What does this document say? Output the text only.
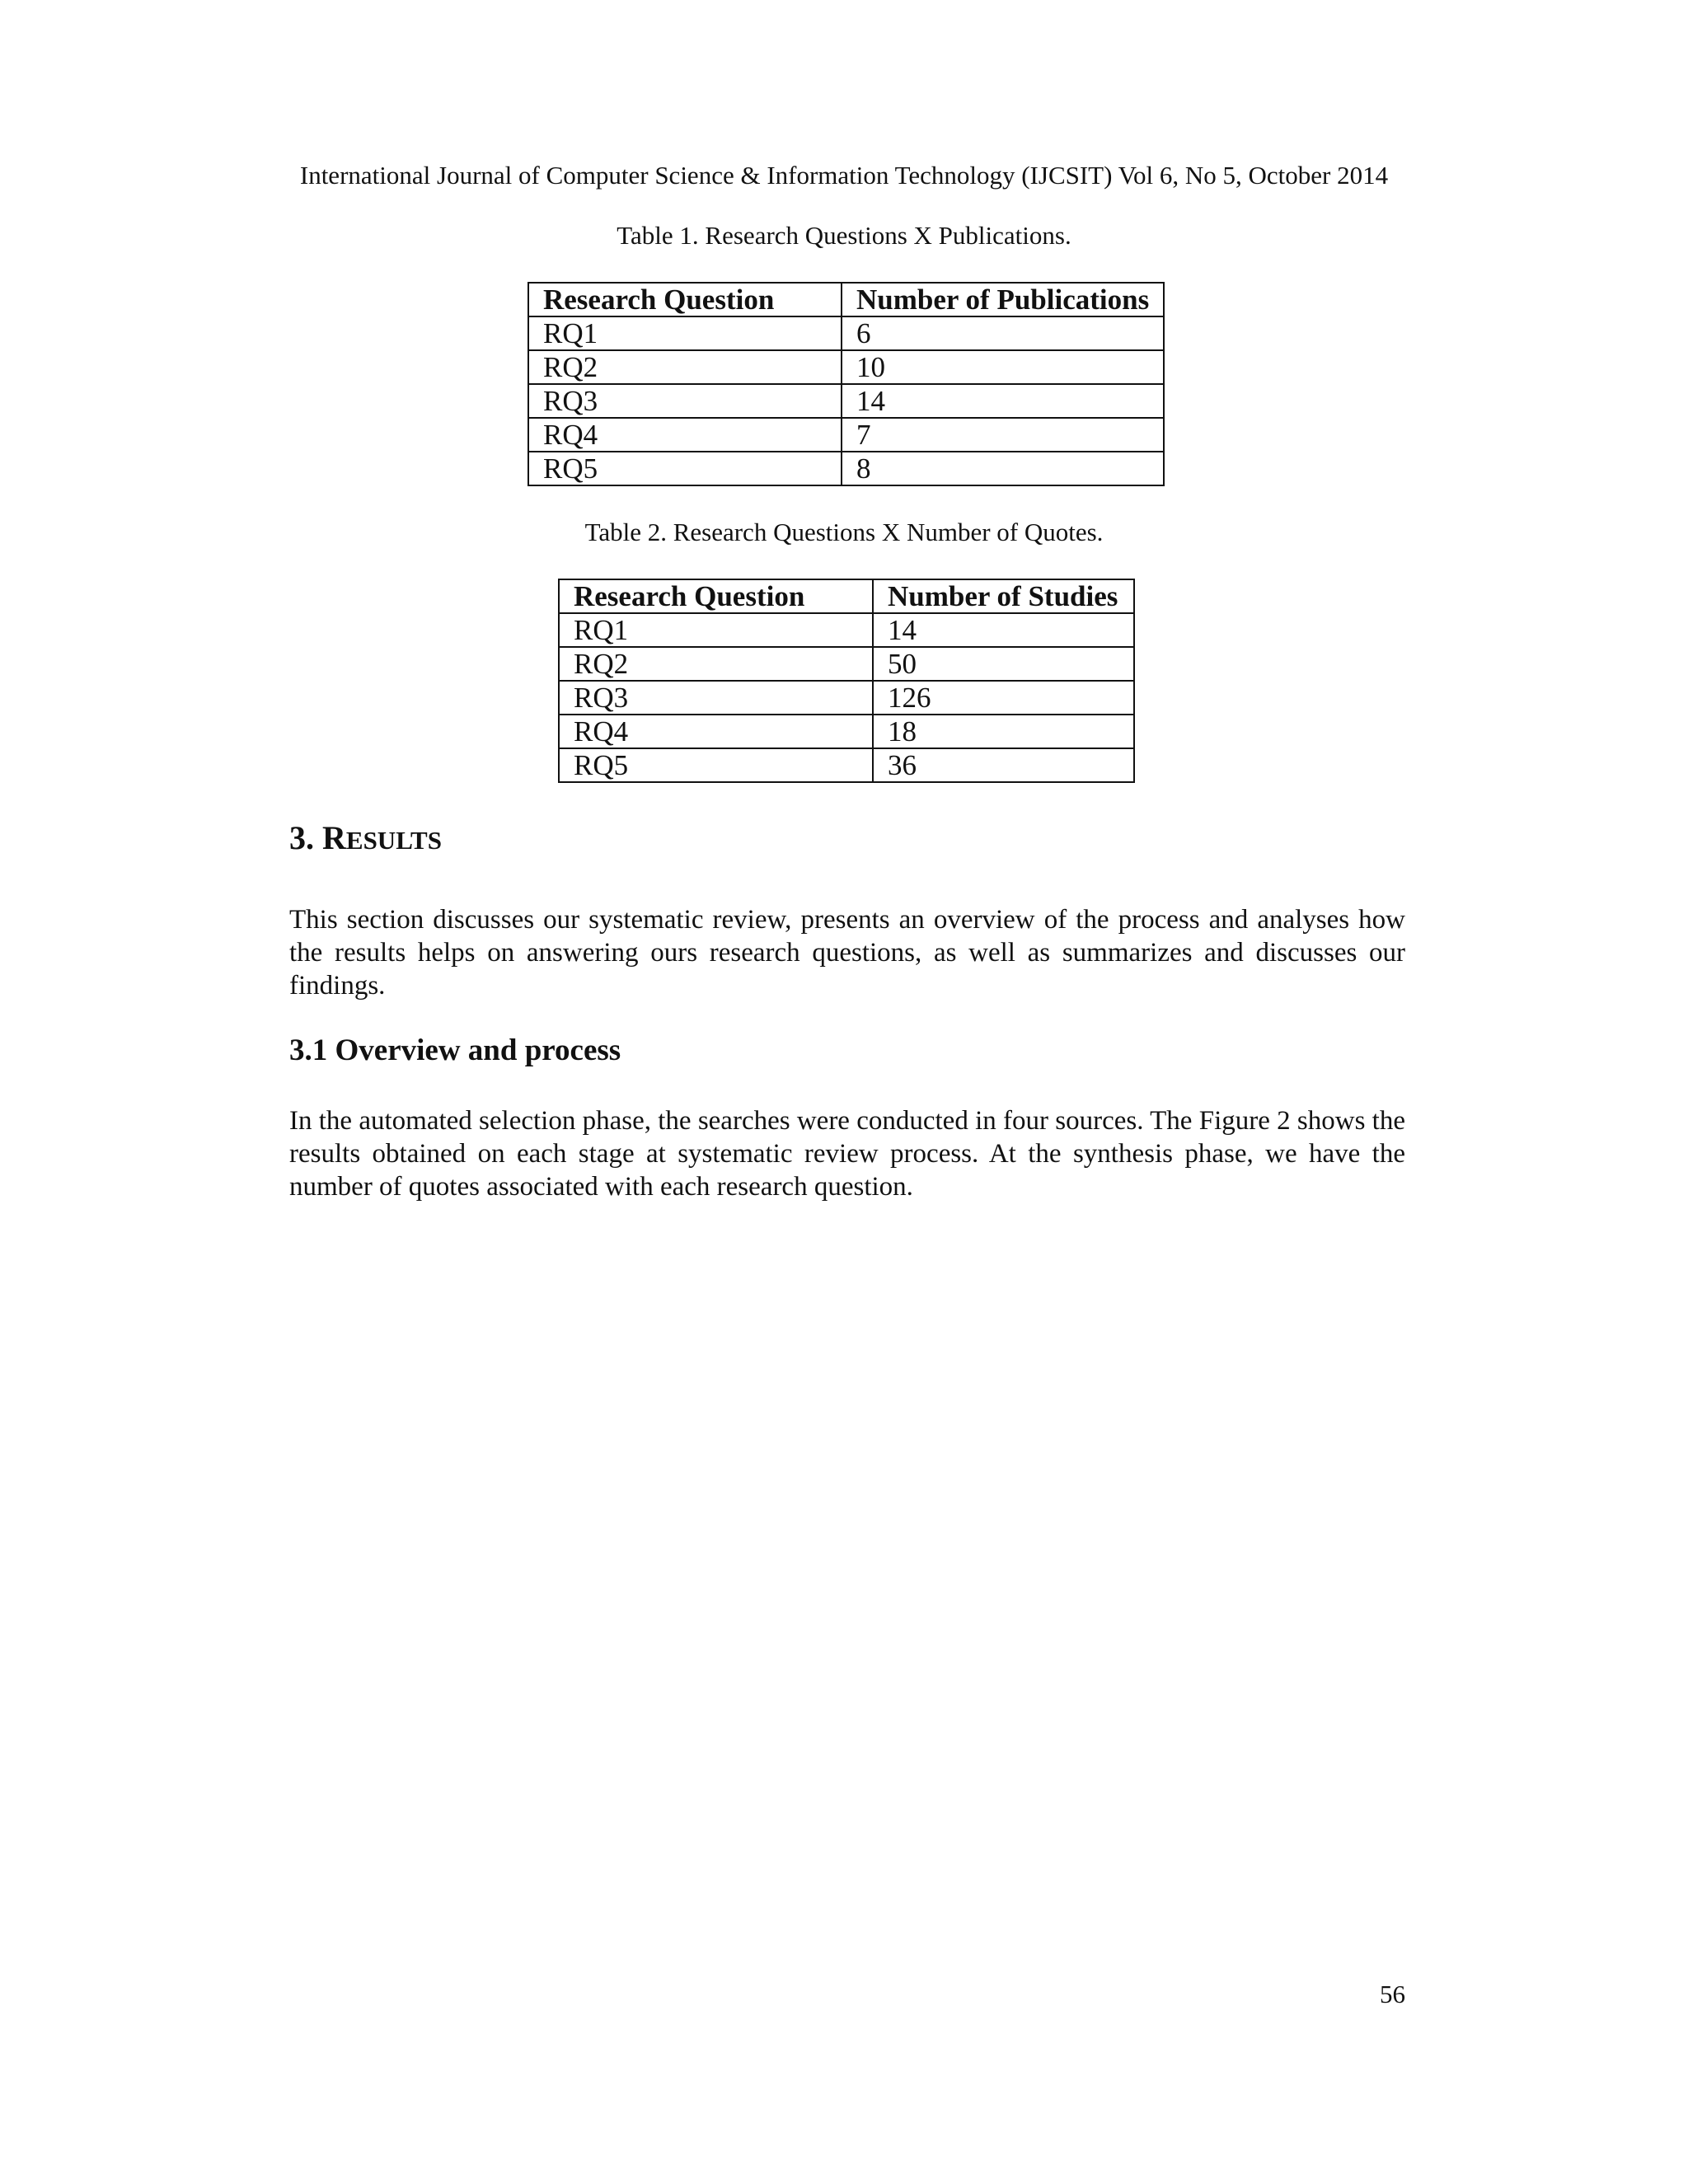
International Journal of Computer Science & Information Technology (IJCSIT) Vol 6, No 5, October 2014
Table 1. Research Questions X Publications.
Research Question	Number of Publications
RQ1	6
RQ2	10
RQ3	14
RQ4	7
RQ5	8
Table 2. Research Questions X Number of Quotes.
Research Question	Number of Studies
RQ1	14
RQ2	50
RQ3	126
RQ4	18
RQ5	36
3. RESULTS

This section discusses our systematic review, presents an overview of the process and analyses how the results helps on answering ours research questions, as well as summarizes and discusses our findings.

3.1 Overview and process

In the automated selection phase, the searches were conducted in four sources. The Figure 2 shows the results obtained on each stage at systematic review process. At the synthesis phase, we have the number of quotes associated with each research question.

56
